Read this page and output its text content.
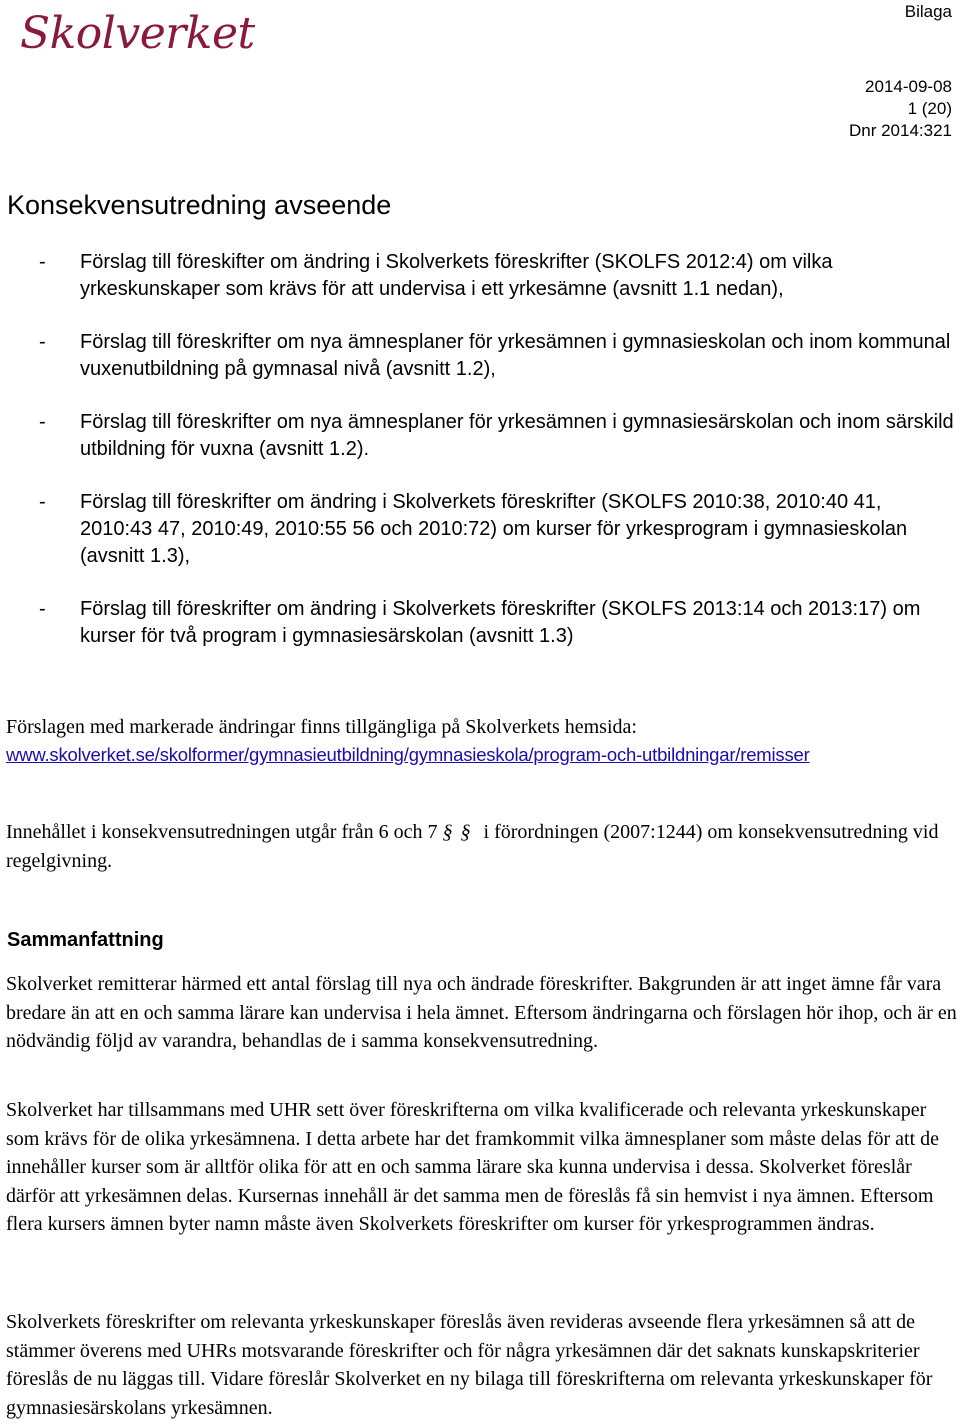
Skolverket	Bilaga
2014-09-08
1 (20)
Dnr 2014:321
Konsekvensutredning avseende
- Förslag till föreskifter om ändring i Skolverkets föreskrifter (SKOLFS 2012:4) om vilka yrkeskunskaper som krävs för att undervisa i ett yrkesämne (avsnitt 1.1 nedan),
- Förslag till föreskrifter om nya ämnesplaner för yrkesämnen i gymnasieskolan och inom kommunal vuxenutbildning på gymnasal nivå (avsnitt 1.2),
- Förslag till föreskrifter om nya ämnesplaner för yrkesämnen i gymnasiesärskolan och inom särskild utbildning för vuxna (avsnitt 1.2).
- Förslag till föreskrifter om ändring i Skolverkets föreskrifter (SKOLFS 2010:38, 2010:40 41, 2010:43 47, 2010:49, 2010:55 56 och 2010:72) om kurser för yrkesprogram i gymnasieskolan (avsnitt 1.3),
- Förslag till föreskrifter om ändring i Skolverkets föreskrifter (SKOLFS 2013:14 och 2013:17) om kurser för två program i gymnasiesärskolan (avsnitt 1.3)

Förslagen med markerade ändringar finns tillgängliga på Skolverkets hemsida:
www.skolverket.se/skolformer/gymnasieutbildning/gymnasieskola/program-och-utbildningar/remisser

Innehållet i konsekvensutredningen utgår från 6 och 7 §§ i förordningen (2007:1244) om konsekvensutredning vid regelgivning.

Sammanfattning

Skolverket remitterar härmed ett antal förslag till nya och ändrade föreskrifter. Bakgrunden är att inget ämne får vara bredare än att en och samma lärare kan undervisa i hela ämnet. Eftersom ändringarna och förslagen hör ihop, och är en nödvändig följd av varandra, behandlas de i samma konsekvensutredning.

Skolverket har tillsammans med UHR sett över föreskrifterna om vilka kvalificerade och relevanta yrkeskunskaper som krävs för de olika yrkesämnena. I detta arbete har det framkommit vilka ämnesplaner som måste delas för att de innehåller kurser som är alltför olika för att en och samma lärare ska kunna undervisa i dessa. Skolverket föreslår därför att yrkesämnen delas. Kursernas innehåll är det samma men de föreslås få sin hemvist i nya ämnen. Eftersom flera kursers ämnen byter namn måste även Skolverkets föreskrifter om kurser för yrkesprogrammen ändras.

Skolverkets föreskrifter om relevanta yrkeskunskaper föreslås även revideras avseende flera yrkesämnen så att de stämmer överens med UHRs motsvarande föreskrifter och för några yrkesämnen där det saknats kunskapskriterier föreslås de nu läggas till. Vidare föreslår Skolverket en ny bilaga till föreskrifterna om relevanta yrkeskunskaper för gymnasiesärskolans yrkesämnen.
